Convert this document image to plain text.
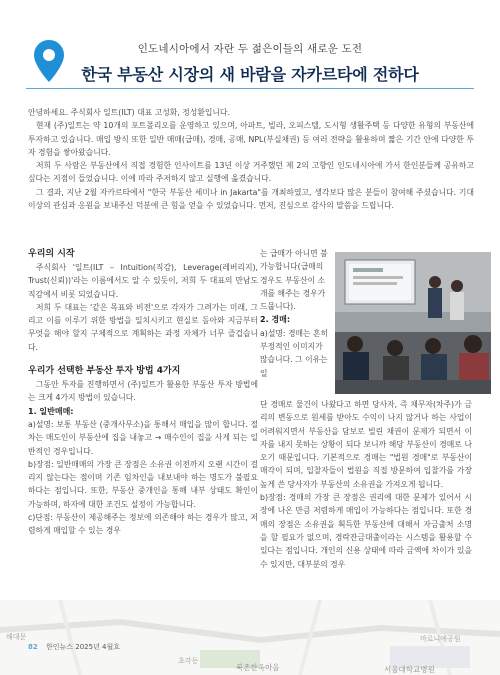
인도네시아에서 자란 두 젊은이들의 새로운 도전
한국 부동산 시장의 새 바람을 자카르타에 전하다

안녕하세요. 주식회사 일트(ILT) 대표 고성화, 정성환입니다.

현재 (주)일트는 약 10개의 포트폴리오를 운영하고 있으며, 아파트, 빌라, 오피스텔, 도시형 생활주택 등 다양한 유형의 부동산에 투자하고 있습니다. 매입 방식 또한 일반 매매(급매), 경매, 공매, NPL(부실채권) 등 여러 전략을 활용하며 짧은 기간 안에 다양한 투자 경험을 쌓아왔습니다.

저희 두 사람은 부동산에서 직접 경험한 인사이트를 13년 이상 거주했던 제 2의 고향인 인도네시아에 가서 한인분들께 공유하고 싶다는 지점이 들었습니다. 이에 따라 주저하지 않고 실행에 옮겼습니다.

그 결과, 지난 2월 자카르타에서 "한국 부동산 세미나 in Jakarta"를 개최하였고, 생각보다 많은 분들이 참여해 주셨습니다. 기대 이상의 관심과 응원을 보내주신 덕분에 큰 힘을 얻을 수 있었습니다. 먼저, 진심으로 감사의 말씀을 드립니다.

우리의 시작

주식회사 '일트(ILT – Intuition(직감), Leverage(레버리지), Trust(신뢰))'라는 이름에서도 알 수 있듯이, 저희 두 대표의 만남도 직감에서 비롯 되었습니다.

저희 두 대표는 '같은 목표와 비전'으로 각자가 그려가는 미래, 그리고 이를 이루기 위한 방법을 일치시키고 현실로 돌아와 지금부터 무엇을 해야 할지 구체적으로 계획하는 과정 자체가 너무 즐겁습니다.

우리가 선택한 부동산 투자 방법 4가지

그동안 투자를 진행하면서 (주)일트가 활용한 부동산 투자 방법에는 크게 4가지 방법이 있습니다.

1. 일반매매:

a)설명: 보통 부동산 (중개사무소)을 통해서 매입을 많이 합니다. 절차는 매도인이 부동산에 집을 내놓고 → 매수인이 집을 사게 되는 일반적인 경우입니다.

b)장점: 일반매매의 가장 큰 장점은 소유권 이전까지 오랜 시간이 걸리지 않는다는 점이며 기존 임차인을 내보내야 하는 명도가 불필요 하다는 점입니다. 또한, 부동산 중개인을 통해 내부 상태도 확인이 가능하며, 하자에 대한 조건도 설정이 가능합니다.

c)단점: 부동산이 제공해주는 정보에 의존해야 하는 경우가 많고, 저렴하게 매입할 수 있는 경우

는 급매가 아니면 불가능합니다(급매의 경우도 부동산이 소개를 해주는 경우가 드뭅니다).

2. 경매:

a)설명: 경매는 흔히 부정적인 이미지가 많습니다. 그 이유는 일

단 경매로 물건이 나왔다고 하면 당사자, 즉 채무자(차주)가 금리의 변동으로 원세를 받아도 수익이 나지 않거나 하는 사업이 어려워지면서 부동산을 담보로 빌린 채권이 문제가 되면서 이자를 내지 못하는 상황이 되다 보니까 해당 부동산이 경매로 나오기 때문입니다. 기본적으로 경매는 "법원 경매"로 부동산이 매각이 되며, 입찰자들이 법원을 직접 방문하여 입찰가를 가장 높게 쓴 당사자가 부동산의 소유권을 가져오게 됩니다.

b)장점: 경매의 가장 큰 장점은 권리에 대한 문제가 있어서 시장에 나온 만큼 저렴하게 매입이 가능하다는 점입니다. 또한 경매의 장점은 소유권을 획득한 부동산에 대해서 자금출처 소명을 할 필요가 없으며, 경락잔금대출이라는 시스템을 활용할 수 있다는 점입니다. 개인의 신용 상태에 따라 금액에 차이가 있을 수 있지만, 대부분의 경우

해대문
초각동
북촌한옥마을	서울대학교병원
마로니에공원
82 한인뉴스 2025년 4월호
